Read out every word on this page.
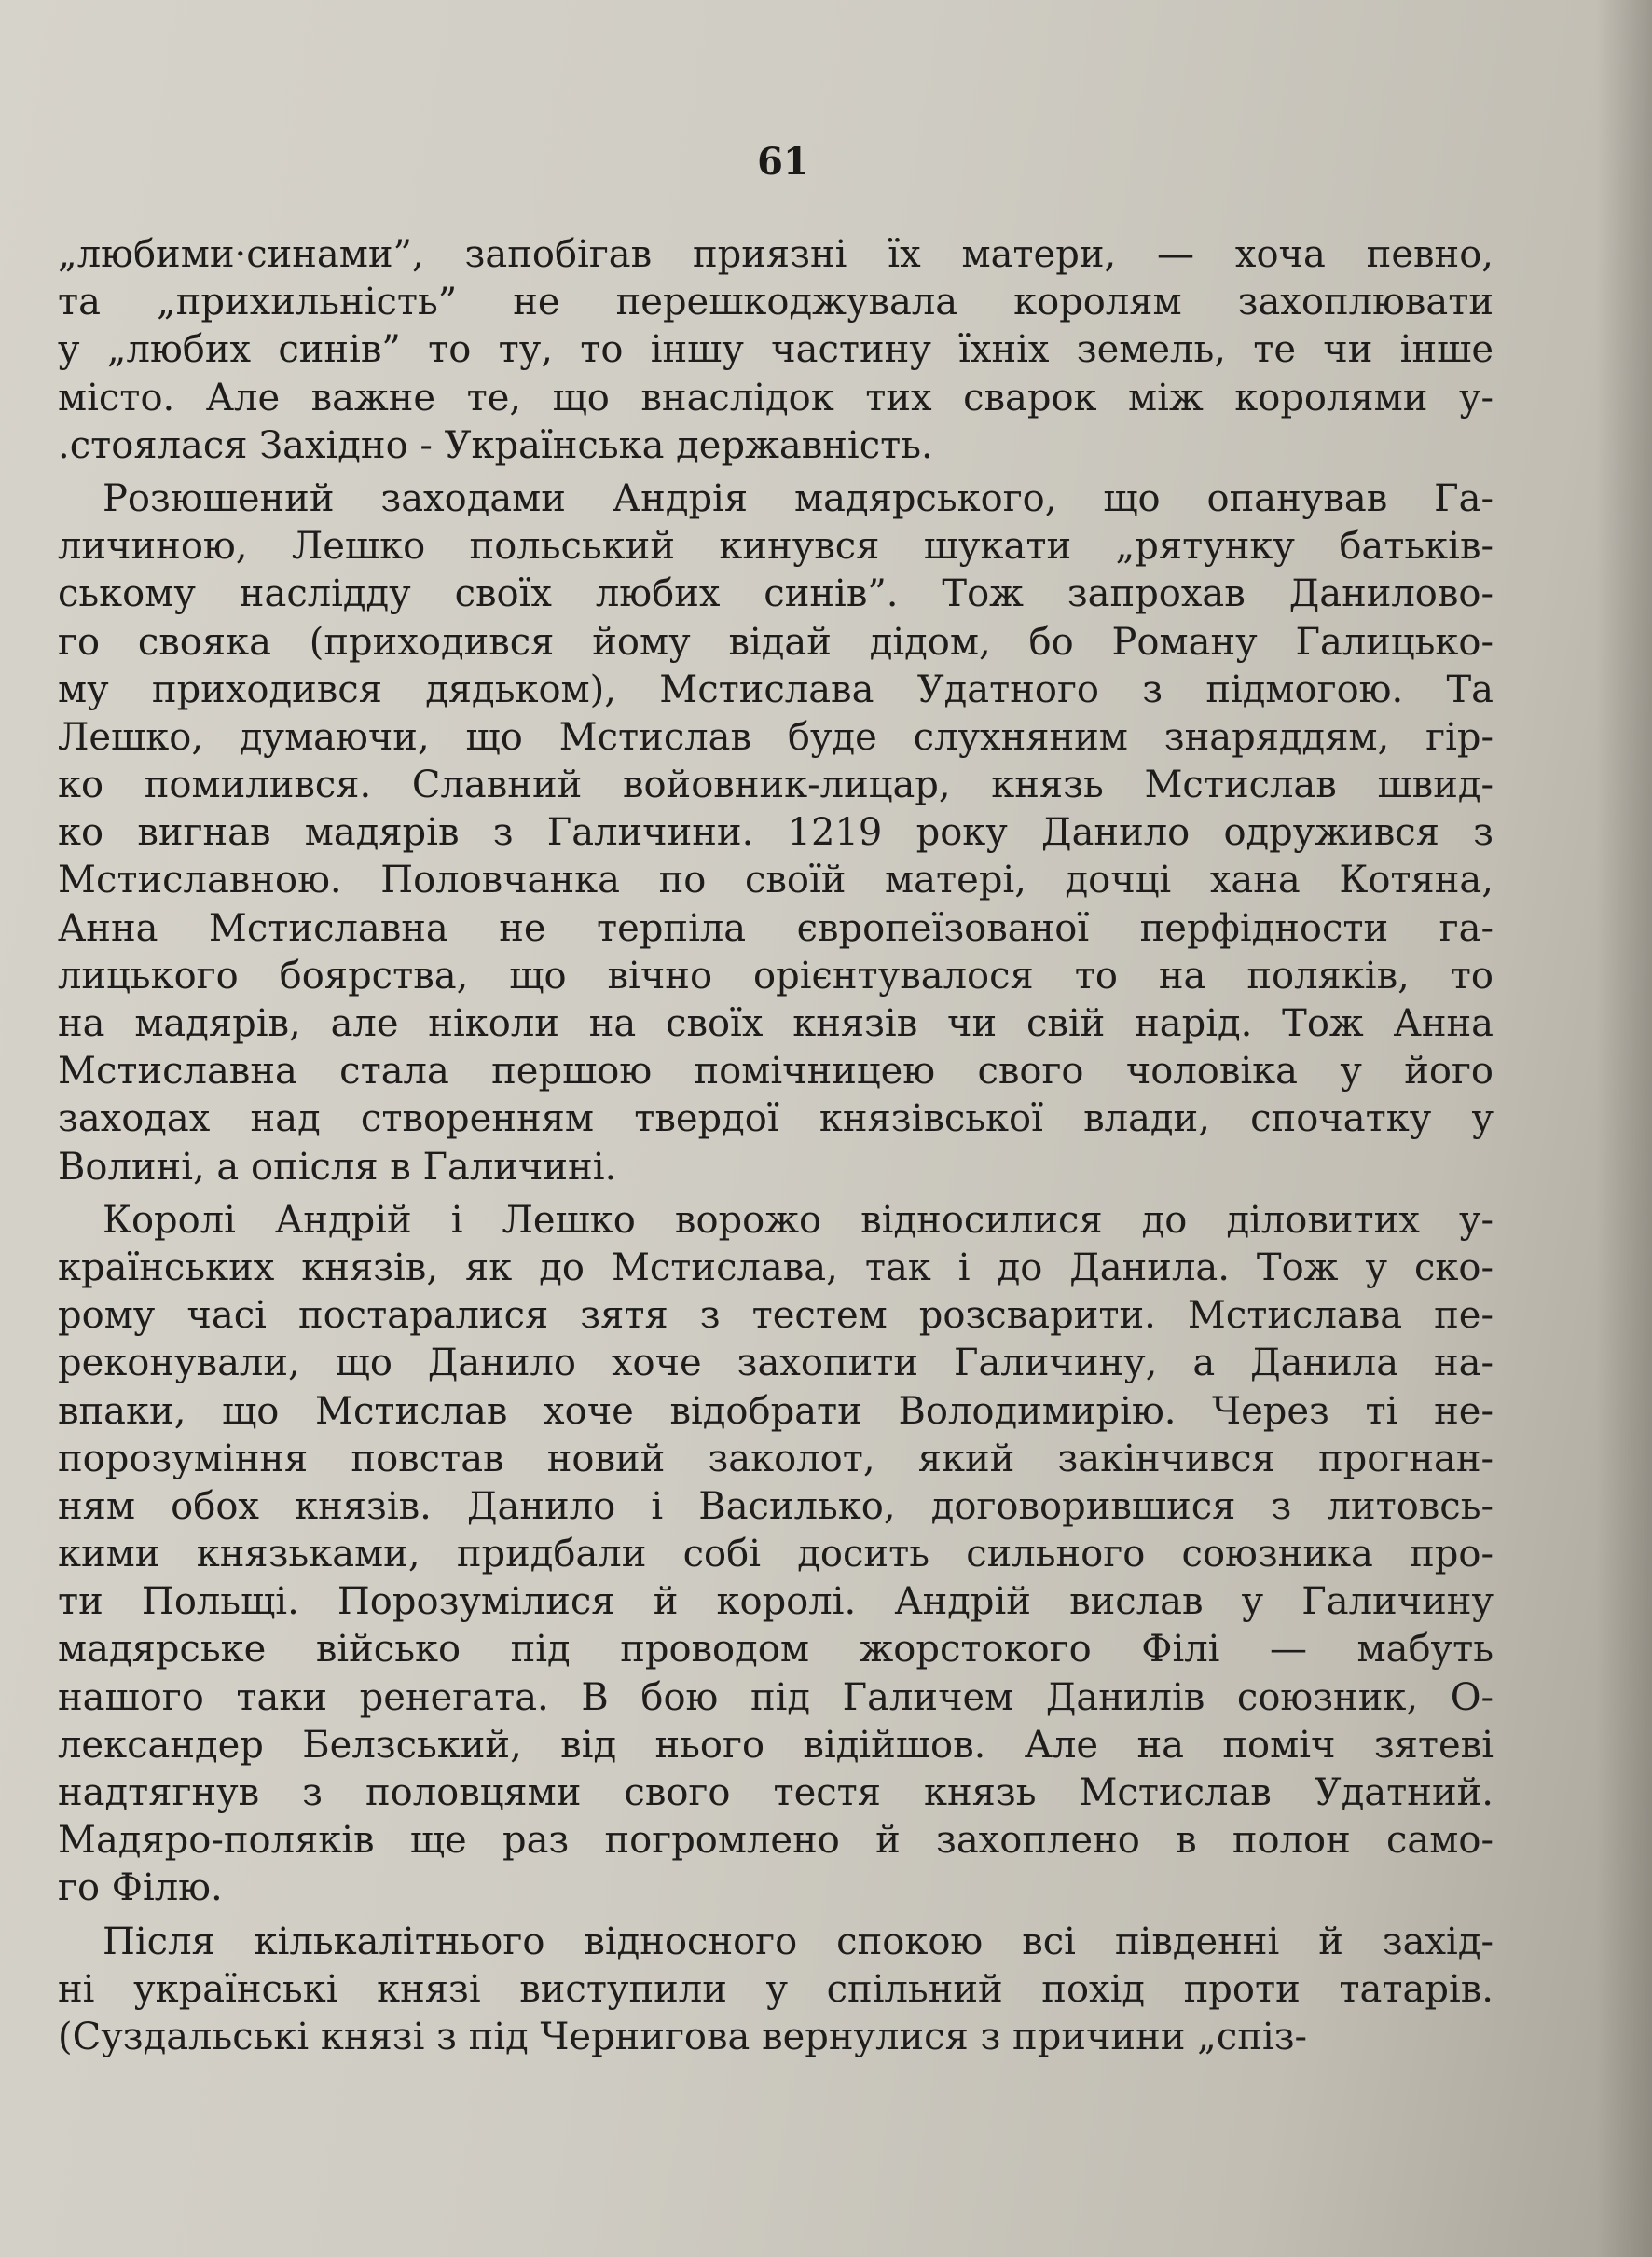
61
„любими·синами”, запобігав приязні їх матери, — хоча певно,
та „прихильність” не перешкоджувала королям захоплювати
у „любих синів” то ту, то іншу частину їхніх земель, те чи інше
місто. Але важне те, що внаслідок тих сварок між королями у-
.стоялася Західно - Українська державність.
Розюшений заходами Андрія мадярського, що опанував Га-
личиною, Лешко польський кинувся шукати „рятунку батьків-
ському наслідду своїх любих синів”. Тож запрохав Данилово-
го свояка (приходився йому відай дідом, бо Роману Галицько-
му приходився дядьком), Мстислава Удатного з підмогою. Та
Лешко, думаючи, що Мстислав буде слухняним знаряддям, гір-
ко помилився. Славний войовник-лицар, князь Мстислав швид-
ко вигнав мадярів з Галичини. 1219 року Данило одружився з
Мстиславною. Половчанка по своїй матері, дочці хана Котяна,
Анна Мстиславна не терпіла європеїзованої перфідности га-
лицького боярства, що вічно орієнтувалося то на поляків, то
на мадярів, але ніколи на своїх князів чи свій нарід. Тож Анна
Мстиславна стала першою помічницею свого чоловіка у його
заходах над створенням твердої князівської влади, спочатку у
Волині, а опісля в Галичині.
Королі Андрій і Лешко ворожо відносилися до діловитих у-
країнських князів, як до Мстислава, так і до Данила. Тож у ско-
рому часі постаралися зятя з тестем розсварити. Мстислава пе-
реконували, що Данило хоче захопити Галичину, а Данила на-
впаки, що Мстислав хоче відобрати Володимирію. Через ті не-
порозуміння повстав новий заколот, який закінчився прогнан-
ням обох князів. Данило і Василько, договорившися з литовсь-
кими князьками, придбали собі досить сильного союзника про-
ти Польщі. Порозумілися й королі. Андрій вислав у Галичину
мадярське військо під проводом жорстокого Філі — мабуть
нашого таки ренегата. В бою під Галичем Данилів союзник, О-
лександер Белзський, від нього відійшов. Але на поміч зятеві
надтягнув з половцями свого тестя князь Мстислав Удатний.
Мадяро-поляків ще раз погромлено й захоплено в полон само-
го Філю.
Після кількалітнього відносного спокою всі південні й захід-
ні українські князі виступили у спільний похід проти татарів.
(Суздальські князі з під Чернигова вернулися з причини „спіз-
